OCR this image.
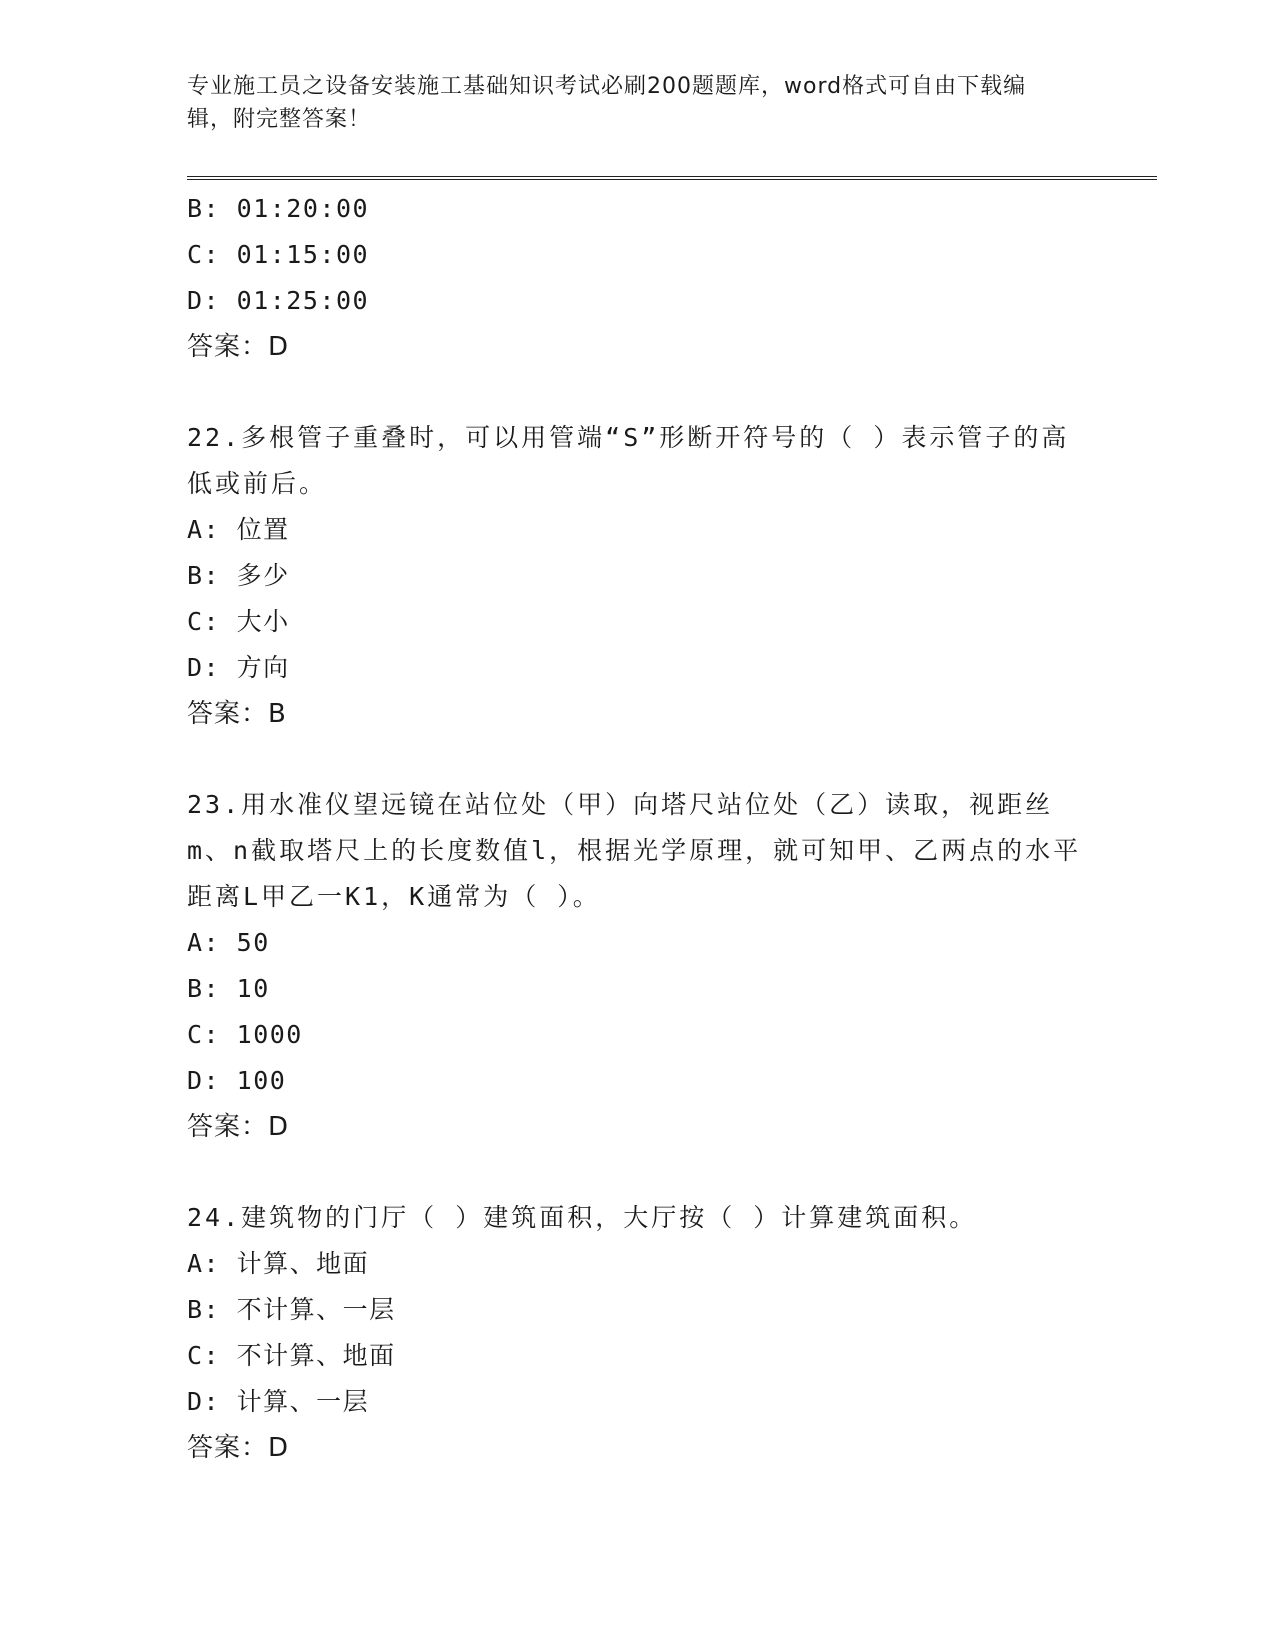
专业施工员之设备安装施工基础知识考试必刷200题题库，word格式可自由下载编辑，附完整答案！

B: 01:20:00
C: 01:15:00
D: 01:25:00
答案：D

22.多根管子重叠时，可以用管端“S”形断开符号的（ ）表示管子的高低或前后。

A: 位置
B: 多少
C: 大小
D: 方向
答案：B

23.用水准仪望远镜在站位处（甲）向塔尺站位处（乙）读取，视距丝m、n截取塔尺上的长度数值l，根据光学原理，就可知甲、乙两点的水平距离L甲乙一K1，K通常为（ ）。

A: 50
B: 10
C: 1000
D: 100
答案：D

24.建筑物的门厅（ ）建筑面积，大厅按（ ）计算建筑面积。

A: 计算、地面
B: 不计算、一层
C: 不计算、地面
D: 计算、一层
答案：D
